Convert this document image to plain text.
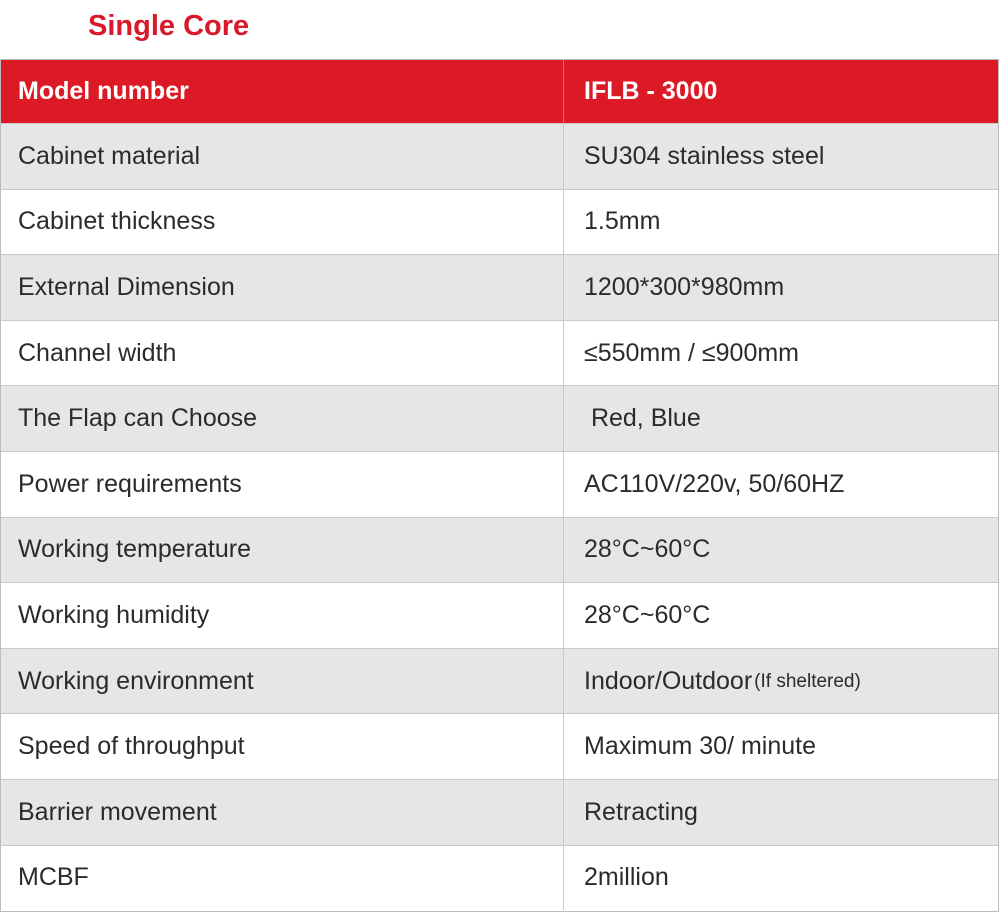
Single Core
Model number	IFLB - 3000
Cabinet material	SU304 stainless steel
Cabinet thickness	1.5mm
External Dimension	1200*300*980mm
Channel width	≤550mm / ≤900mm
The Flap can Choose	Red, Blue
Power requirements	AC110V/220v, 50/60HZ
Working temperature	28°C~60°C
Working humidity	28°C~60°C
Working environment	Indoor/Outdoor (If sheltered)
Speed of throughput	Maximum 30/ minute
Barrier movement	Retracting
MCBF	2million
